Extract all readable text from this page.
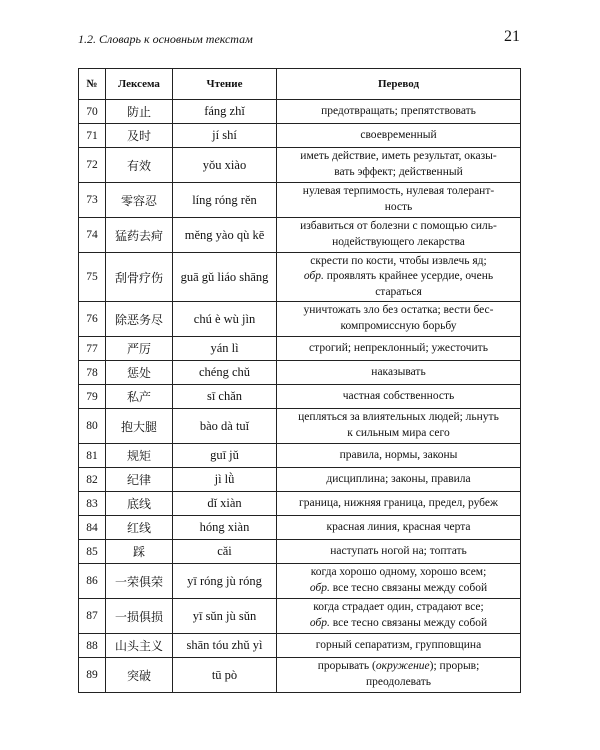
1.2. Словарь к основным текстам	21
№	Лексема	Чтение	Перевод
70	防止	fáng zhǐ	предотвращать; препятствовать
71	及时	jí shí	своевременный
72	有效	yǒu xiào	иметь действие, иметь результат, оказы-
вать эффект; действенный
73	零容忍	líng róng rěn	нулевая терпимость, нулевая толерант-
ность
74	猛药去疴	měng yào qù kē	избавиться от болезни с помощью силь-
нодействующего лекарства
75	刮骨疗伤	guā gǔ liáo shāng	скрести по кости, чтобы извлечь яд;
обр. проявлять крайнее усердие, очень
стараться
76	除恶务尽	chú è wù jìn	уничтожать зло без остатка; вести бес-
компромиссную борьбу
77	严厉	yán lì	строгий; непреклонный; ужесточить
78	惩处	chéng chǔ	наказывать
79	私产	sī chǎn	частная собственность
80	抱大腿	bào dà tuǐ	цепляться за влиятельных людей; льнуть
к сильным мира сего
81	规矩	guī jǔ	правила, нормы, законы
82	纪律	jì lǜ	дисциплина; законы, правила
83	底线	dǐ xiàn	граница, нижняя граница, предел, рубеж
84	红线	hóng xiàn	красная линия, красная черта
85	踩	cǎi	наступать ногой на; топтать
86	一荣俱荣	yī róng jù róng	когда хорошо одному, хорошо всем;
обр. все тесно связаны между собой
87	一损俱损	yī sǔn jù sǔn	когда страдает один, страдают все;
обр. все тесно связаны между собой
88	山头主义	shān tóu zhǔ yì	горный сепаратизм, групповщина
89	突破	tū pò	прорывать (окружение); прорыв;
преодолевать
